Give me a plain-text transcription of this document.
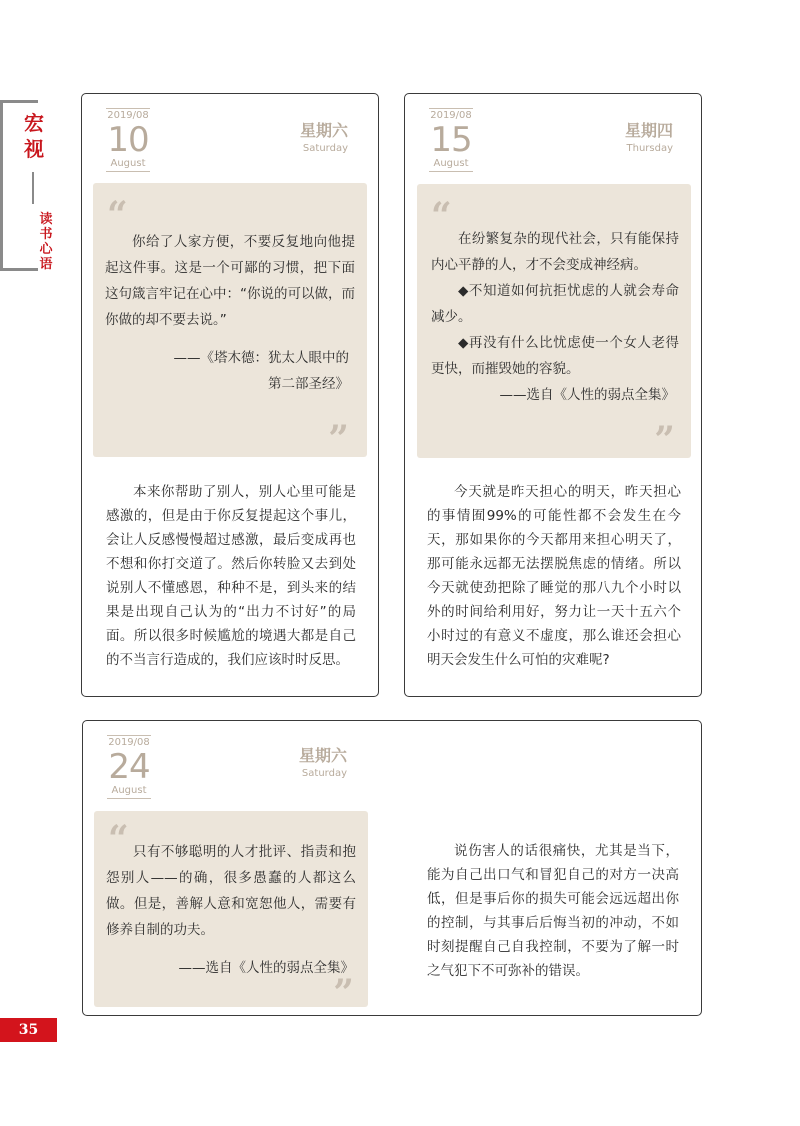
宏视
读书心语
2019/08
10
August
星期六
Saturday
“

你给了人家方便，不要反复地向他提起这件事。这是一个可鄙的习惯，把下面这句箴言牢记在心中：“你说的可以做，而你做的却不要去说。”

——《塔木德：犹太人眼中的
第二部圣经》
”
本来你帮助了别人，别人心里可能是感激的，但是由于你反复提起这个事儿，会让人反感慢慢超过感激，最后变成再也不想和你打交道了。然后你转脸又去到处说别人不懂感恩，种种不是，到头来的结果是出现自己认为的“出力不讨好”的局面。所以很多时候尴尬的境遇大都是自己的不当言行造成的，我们应该时时反思。
2019/08
15
August
星期四
Thursday
“

在纷繁复杂的现代社会，只有能保持内心平静的人，才不会变成神经病。

◆不知道如何抗拒忧虑的人就会寿命减少。

◆再没有什么比忧虑使一个女人老得更快，而摧毁她的容貌。

——选自《人性的弱点全集》
”
今天就是昨天担心的明天，昨天担心的事情囿99%的可能性都不会发生在今天，那如果你的今天都用来担心明天了，那可能永远都无法摆脱焦虑的情绪。所以今天就使劲把除了睡觉的那八九个小时以外的时间给利用好，努力让一天十五六个小时过的有意义不虚度，那么谁还会担心明天会发生什么可怕的灾难呢?
2019/08
24
August
星期六
Saturday
“ 只有不够聪明的人才批评、指责和抱怨别人——的确，很多愚蠢的人都这么做。但是，善解人意和宽恕他人，需要有修养自制的功夫。

——选自《人性的弱点全集》
”
说伤害人的话很痛快，尤其是当下，能为自己出口气和冒犯自己的对方一决高低，但是事后你的损失可能会远远超出你的控制，与其事后后悔当初的冲动，不如时刻提醒自己自我控制，不要为了解一时之气犯下不可弥补的错误。
35
